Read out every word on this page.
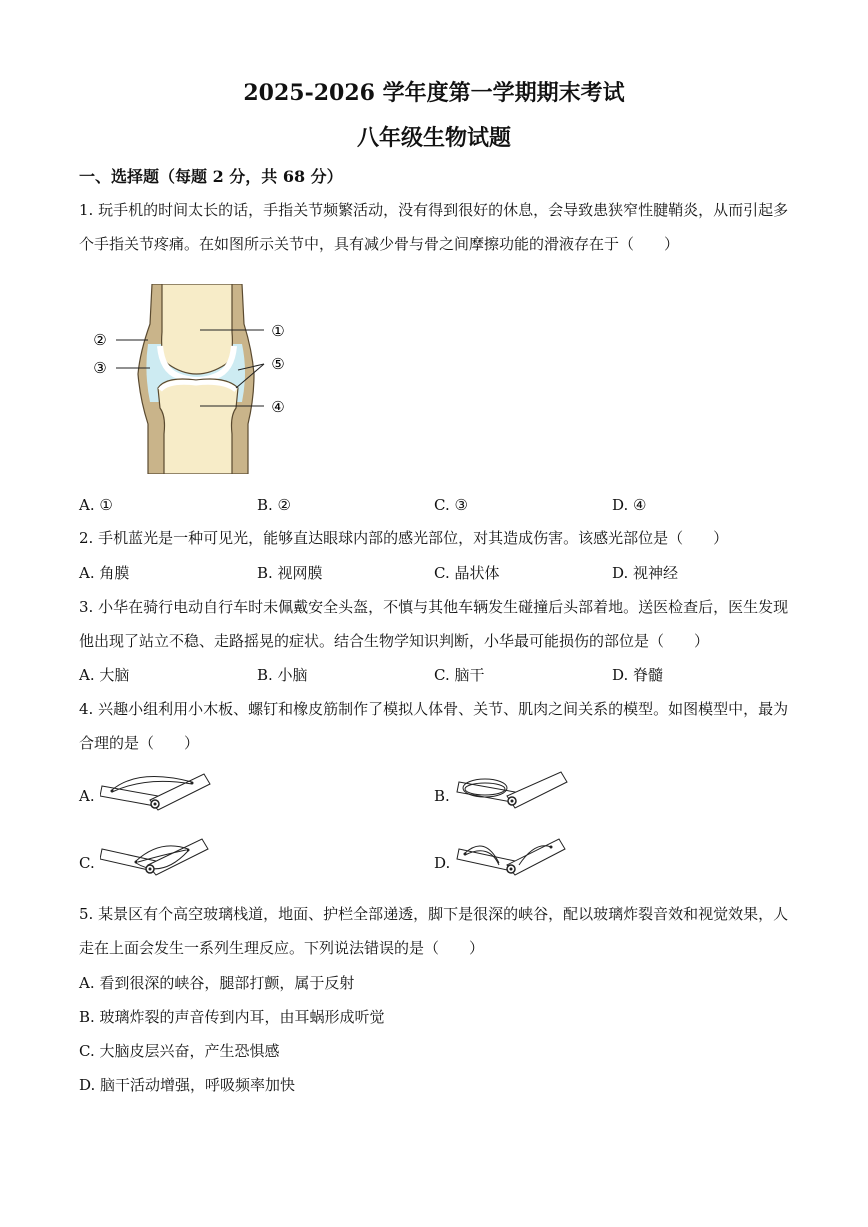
2025-2026 学年度第一学期期末考试
八年级生物试题
一、选择题（每题 2 分，共 68 分）
1. 玩手机的时间太长的话，手指关节频繁活动，没有得到很好的休息，会导致患狭窄性腱鞘炎，从而引起多个手指关节疼痛。在如图所示关节中，具有减少骨与骨之间摩擦功能的滑液存在于（　　）
①
②
③
④
⑤
A. ①	B. ②	C. ③	D. ④
2. 手机蓝光是一种可见光，能够直达眼球内部的感光部位，对其造成伤害。该感光部位是（　　）
A. 角膜	B. 视网膜	C. 晶状体	D. 视神经
3. 小华在骑行电动自行车时未佩戴安全头盔，不慎与其他车辆发生碰撞后头部着地。送医检查后，医生发现他出现了站立不稳、走路摇晃的症状。结合生物学知识判断，小华最可能损伤的部位是（　　）
A. 大脑	B. 小脑	C. 脑干	D. 脊髓
4. 兴趣小组利用小木板、螺钉和橡皮筋制作了模拟人体骨、关节、肌肉之间关系的模型。如图模型中，最为合理的是（　　）
A.	B.
C.	D.
5. 某景区有个高空玻璃栈道，地面、护栏全部递透，脚下是很深的峡谷，配以玻璃炸裂音效和视觉效果，人走在上面会发生一系列生理反应。下列说法错误的是（　　）
A. 看到很深的峡谷，腿部打颤，属于反射
B. 玻璃炸裂的声音传到内耳，由耳蜗形成听觉
C. 大脑皮层兴奋，产生恐惧感
D. 脑干活动增强，呼吸频率加快
